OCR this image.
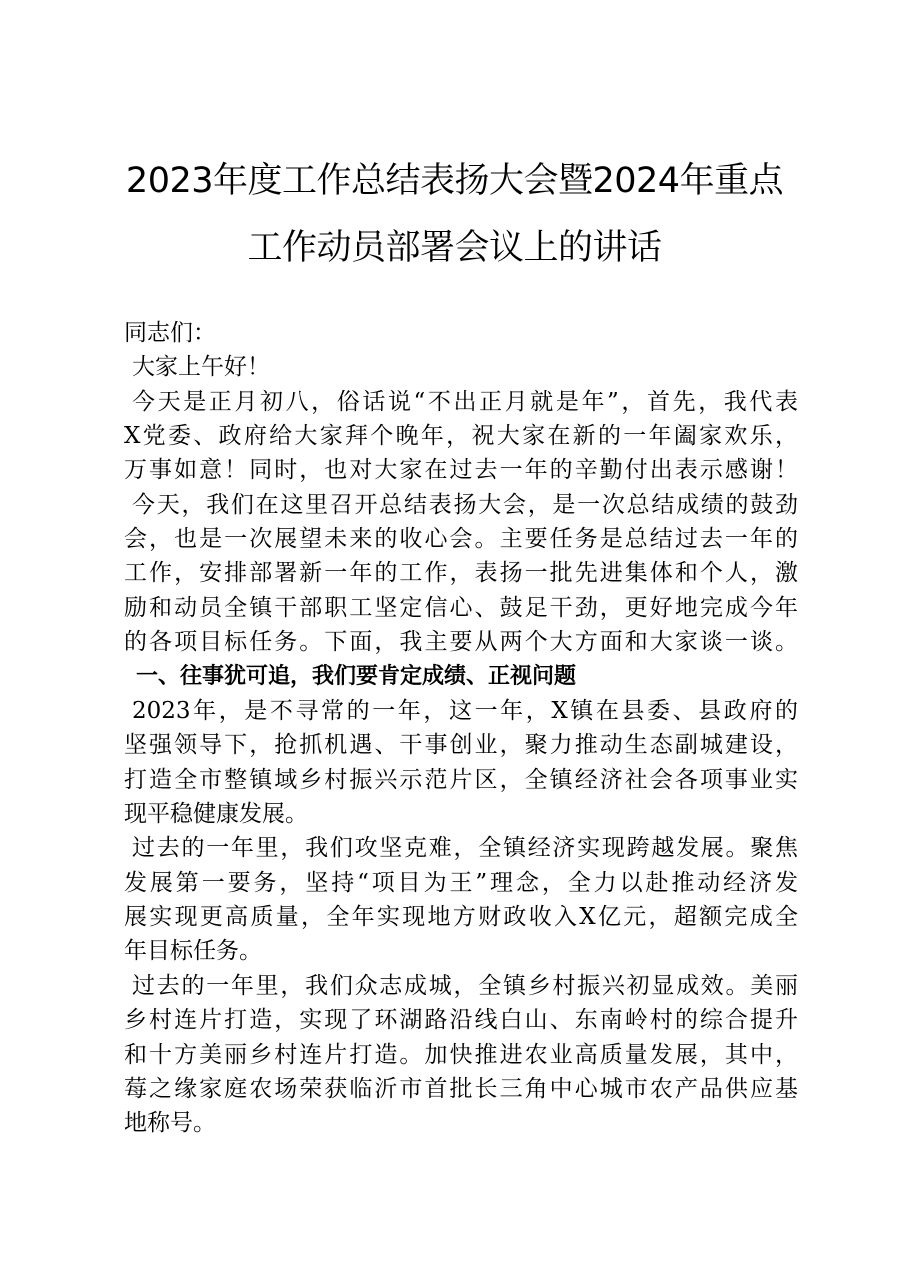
2023年度工作总结表扬大会暨2024年重点
工作动员部署会议上的讲话
同志们：
大家上午好！
今天是正月初八，俗话说“不出正月就是年”，首先，我代表
X党委、政府给大家拜个晚年，祝大家在新的一年阖家欢乐，
万事如意！同时，也对大家在过去一年的辛勤付出表示感谢！
今天，我们在这里召开总结表扬大会，是一次总结成绩的鼓劲
会，也是一次展望未来的收心会。主要任务是总结过去一年的
工作，安排部署新一年的工作，表扬一批先进集体和个人，激
励和动员全镇干部职工坚定信心、鼓足干劲，更好地完成今年
的各项目标任务。下面，我主要从两个大方面和大家谈一谈。
一、往事犹可追，我们要肯定成绩、正视问题
2023年，是不寻常的一年，这一年，X镇在县委、县政府的
坚强领导下，抢抓机遇、干事创业，聚力推动生态副城建设，
打造全市整镇域乡村振兴示范片区，全镇经济社会各项事业实
现平稳健康发展。
过去的一年里，我们攻坚克难，全镇经济实现跨越发展。聚焦
发展第一要务，坚持“项目为王”理念，全力以赴推动经济发
展实现更高质量，全年实现地方财政收入X亿元，超额完成全
年目标任务。
过去的一年里，我们众志成城，全镇乡村振兴初显成效。美丽
乡村连片打造，实现了环湖路沿线白山、东南岭村的综合提升
和十方美丽乡村连片打造。加快推进农业高质量发展，其中，
莓之缘家庭农场荣获临沂市首批长三角中心城市农产品供应基
地称号。
